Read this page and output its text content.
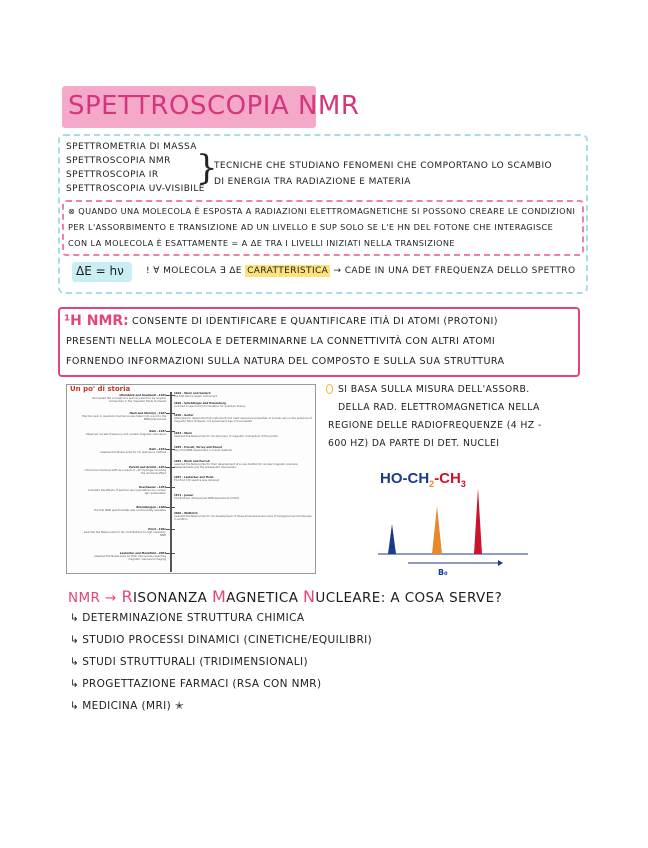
SPETTROSCOPIA NMR
SPETTROMETRIA DI MASSA
SPETTROSCOPIA NMR
SPETTROSCOPIA IR
SPETTROSCOPIA UV-VISIBILE
}
TECNICHE CHE STUDIANO FENOMENI CHE COMPORTANO LO SCAMBIO
DI ENERGIA TRA RADIAZIONE E MATERIA
⊗ QUANDO UNA MOLECOLA È ESPOSTA A RADIAZIONI ELETTROMAGNETICHE SI POSSONO CREARE LE CONDIZIONI
PER L'ASSORBIMENTO E TRANSIZIONE AD UN LIVELLO E SUP SOLO SE L'E HΝ DEL FOTONE CHE INTERAGISCE
CON LA MOLECOLA È ESATTAMENTE = A ΔE TRA I LIVELLI INIZIATI NELLA TRANSIZIONE
ΔE = hν ! ∀ MOLECOLA ∃ ΔE CARATTERISTICA → CADE IN UNA DET FREQUENZA DELLO SPETTRO
¹H NMR: CONSENTE DI IDENTIFICARE E QUANTIFICARE ITIÀ DI ATOMI (PROTONI)
PRESENTI NELLA MOLECOLA E DETERMINARNE LA CONNETTIVITÀ CON ALTRI ATOMI
FORNENDO INFORMAZIONI SULLA NATURA DEL COMPOSTO E SULLA SUA STRUTTURA
Un po' di storia
Uhlenbeck and Goudsmit - 1925
discovered the concept of a spinning electron by angular momentum in the magnetic fields moments
Pauli and Stern(s) - 1927
Electron spin in quantum mechanics was taken into a and to the NMR phenomena
Rabi - 1937
Observed nuclear frequency and nuclear magnetic resonance
Rabi - 1944
awarded the Nobel prize for his resonance method
Purcell and Arnold - 1951
introduced chemical shift as a result of ~1H hydrogen bonding the chemical effect
Overhauser - 1953
indicated the effects of electron spin populations by nuclear spin polarization
Bloembergen - 1960
the first NMR spectrometer was commercially available
Ernst - 1991
awarded the Nobel prize for his contributions to high resolution NMR
Lauterbur and Mansfield - 2003
awarded the Nobel prize for their discoveries regarding magnetic resonance imaging
1922 - Stern and Gerlach
the first atomic beam instrument
1926 - Schrödinger and Heisenberg
included a new branch formulation for quantum theory
1936 - Gorter
attempted to design the first instrument and used resonance properties of nuclear spin in the presence of magnetic field. However, his experiment was not successful
1943 - Stern
awarded the Nobel prize for his discovery of magnetic momentum of the proton
1945 - Purcell, Torrey and Pound
very first NMR experiment in a bulk material
1952 - Bloch and Purcell
awarded the Nobel prize for their development of a new method for nuclear magnetic precision measurements and the subsequent discoveries
1957 - Lauterbur and Holm
The first 13C spectra was obtained
1971 - Jeener
The first two dimensional NMR experiment (COSY)
2002 - Wüthrich
awarded the Nobel prize for his development of three-dimensional structure of biological macromolecules in solution
SI BASA SULLA MISURA DELL'ASSORB.
DELLA RAD. ELETTROMAGNETICA NELLA
REGIONE DELLE RADIOFREQUENZE (4 HZ -
600 HZ) DA PARTE DI DET. NUCLEI
$HO-CH_2-CH_3$
B₀
NMR → RISONANZA MAGNETICA NUCLEARE: A COSA SERVE?
↳ DETERMINAZIONE STRUTTURA CHIMICA
↳ STUDIO PROCESSI DINAMICI (CINETICHE/EQUILIBRI)
↳ STUDI STRUTTURALI (TRIDIMENSIONALI)
↳ PROGETTAZIONE FARMACI (RSA CON NMR)
↳ MEDICINA (MRI) ✭
